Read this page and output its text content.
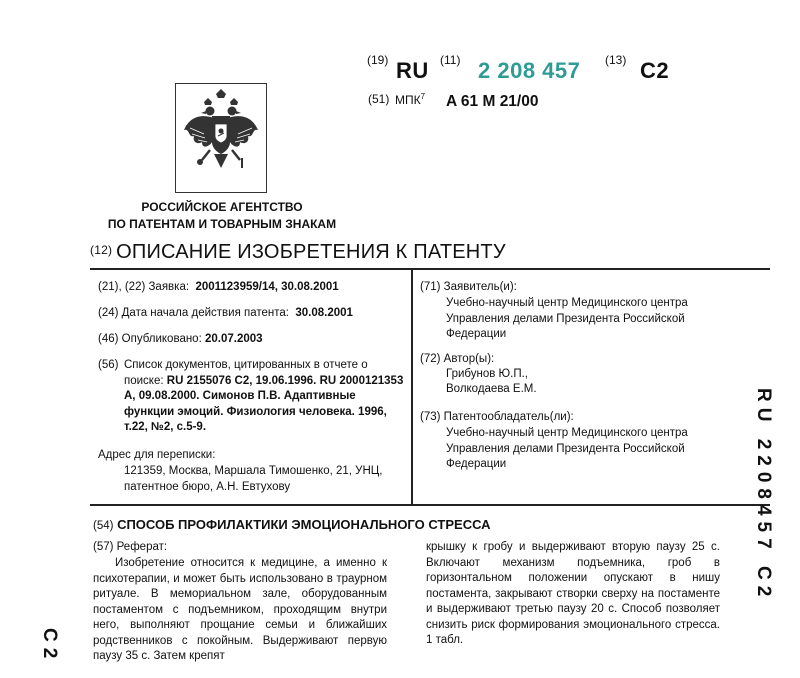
(19) RU (11) 2 208 457 (13) C2
(51) МПК$^7$ A 61 M 21/00
РОССИЙСКОЕ АГЕНТСТВО
ПО ПАТЕНТАМ И ТОВАРНЫМ ЗНАКАМ
$^{(12)}$ ОПИСАНИЕ ИЗОБРЕТЕНИЯ К ПАТЕНТУ
(21), (22) Заявка: 2001123959/14, 30.08.2001
(24) Дата начала действия патента: 30.08.2001
(46) Опубликовано: 20.07.2003
(56) Список документов, цитированных в отчете о поиске: RU 2155076 C2, 19.06.1996. RU 2000121353 A, 09.08.2000. Симонов П.В. Адаптивные функции эмоций. Физиология человека. 1996, т.22, №2, с.5-9.
Адрес для переписки:
121359, Москва, Маршала Тимошенко, 21, УНЦ, патентное бюро, А.Н. Евтухову
(71) Заявитель(и):
Учебно-научный центр Медицинского центра Управления делами Президента Российской Федерации
(72) Автор(ы):
Грибунов Ю.П.,
Волкодаева Е.М.
(73) Патентообладатель(ли):
Учебно-научный центр Медицинского центра Управления делами Президента Российской Федерации
(54) СПОСОБ ПРОФИЛАКТИКИ ЭМОЦИОНАЛЬНОГО СТРЕССА
(57) Реферат:
Изобретение относится к медицине, а именно к психотерапии, и может быть использовано в траурном ритуале. В мемориальном зале, оборудованным постаментом с подъемником, проходящим внутри него, выполняют прощание семьи и ближайших родственников с покойным. Выдерживают первую паузу 35 с. Затем крепят
крышку к гробу и выдерживают вторую паузу 25 с. Включают механизм подъемника, гроб в горизонтальном положении опускают в нишу постамента, закрывают створки сверху на постаменте и выдерживают третью паузу 20 с. Способ позволяет снизить риск формирования эмоционального стресса. 1 табл.
RU 2208457 C2
C2
